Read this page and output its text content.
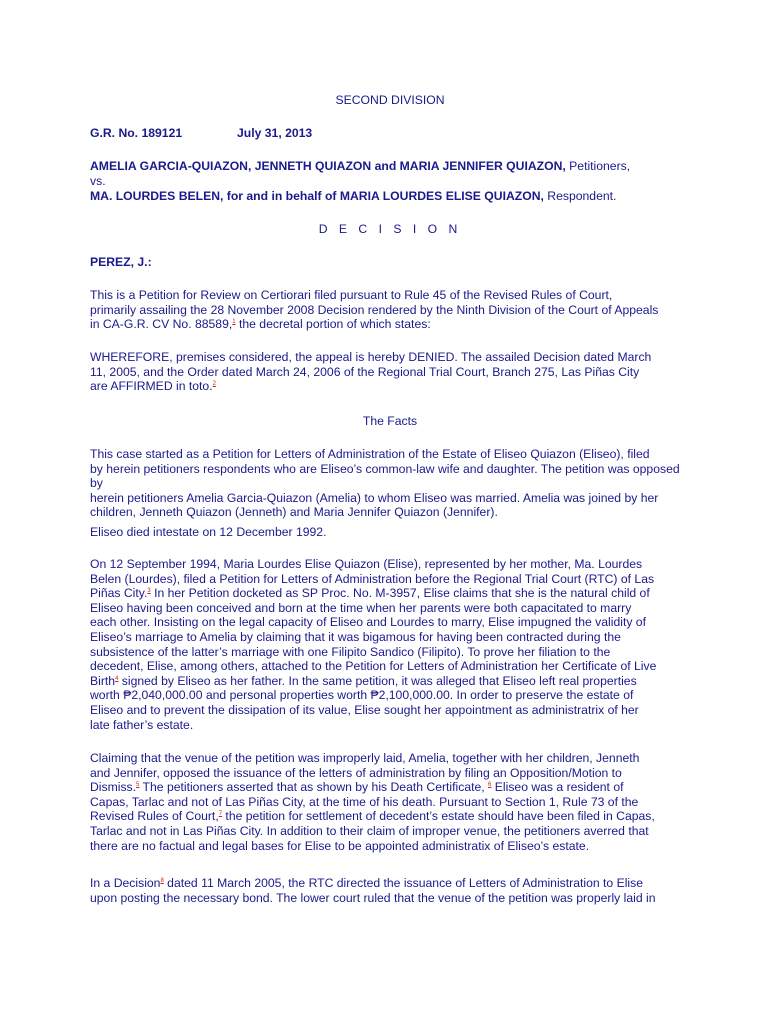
SECOND DIVISION

G.R. No. 189121	July 31, 2013

AMELIA GARCIA-QUIAZON, JENNETH QUIAZON and MARIA JENNIFER QUIAZON, Petitioners,

vs.

MA. LOURDES BELEN, for and in behalf of MARIA LOURDES ELISE QUIAZON, Respondent.

D E C I S I O N

PEREZ, J.:

This is a Petition for Review on Certiorari filed pursuant to Rule 45 of the Revised Rules of Court,
primarily assailing the 28 November 2008 Decision rendered by the Ninth Division of the Court of Appeals
in CA-G.R. CV No. 88589,$^1$ the decretal portion of which states:
WHEREFORE, premises considered, the appeal is hereby DENIED. The assailed Decision dated March
11, 2005, and the Order dated March 24, 2006 of the Regional Trial Court, Branch 275, Las Piñas City
are AFFIRMED in toto.$^2$

The Facts

This case started as a Petition for Letters of Administration of the Estate of Eliseo Quiazon (Eliseo), filed
by herein petitioners respondents who are Eliseo’s common-law wife and daughter. The petition was opposed by
herein petitioners Amelia Garcia-Quiazon (Amelia) to whom Eliseo was married. Amelia was joined by her
children, Jenneth Quiazon (Jenneth) and Maria Jennifer Quiazon (Jennifer).

Eliseo died intestate on 12 December 1992.

On 12 September 1994, Maria Lourdes Elise Quiazon (Elise), represented by her mother, Ma. Lourdes
Belen (Lourdes), filed a Petition for Letters of Administration before the Regional Trial Court (RTC) of Las
Piñas City.$^3$ In her Petition docketed as SP Proc. No. M-3957, Elise claims that she is the natural child of
Eliseo having been conceived and born at the time when her parents were both capacitated to marry
each other. Insisting on the legal capacity of Eliseo and Lourdes to marry, Elise impugned the validity of
Eliseo’s marriage to Amelia by claiming that it was bigamous for having been contracted during the
subsistence of the latter’s marriage with one Filipito Sandico (Filipito). To prove her filiation to the
decedent, Elise, among others, attached to the Petition for Letters of Administration her Certificate of Live
Birth$^4$ signed by Eliseo as her father. In the same petition, it was alleged that Eliseo left real properties
worth ₱2,040,000.00 and personal properties worth ₱2,100,000.00. In order to preserve the estate of
Eliseo and to prevent the dissipation of its value, Elise sought her appointment as administratrix of her
late father’s estate.
Claiming that the venue of the petition was improperly laid, Amelia, together with her children, Jenneth
and Jennifer, opposed the issuance of the letters of administration by filing an Opposition/Motion to
Dismiss.$^5$ The petitioners asserted that as shown by his Death Certificate, $^6$ Eliseo was a resident of
Capas, Tarlac and not of Las Piñas City, at the time of his death. Pursuant to Section 1, Rule 73 of the
Revised Rules of Court,$^7$ the petition for settlement of decedent’s estate should have been filed in Capas,
Tarlac and not in Las Piñas City. In addition to their claim of improper venue, the petitioners averred that
there are no factual and legal bases for Elise to be appointed administratix of Eliseo’s estate.
In a Decision$^8$ dated 11 March 2005, the RTC directed the issuance of Letters of Administration to Elise
upon posting the necessary bond. The lower court ruled that the venue of the petition was properly laid in
